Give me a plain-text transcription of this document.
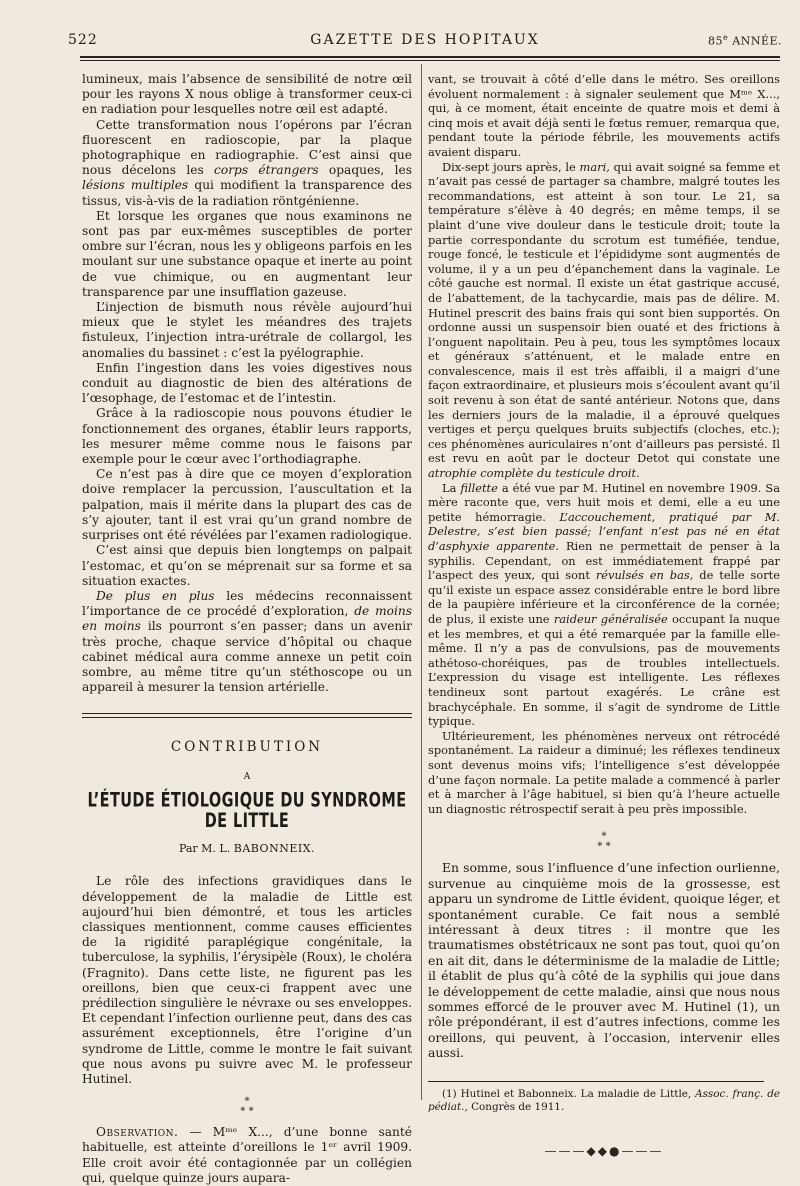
522	GAZETTE DES HOPITAUX	85e ANNÉE.

lumineux, mais l’absence de sensibilité de notre œil pour les rayons X nous oblige à transformer ceux-ci en radiation pour lesquelles notre œil est adapté.

Cette transformation nous l’opérons par l’écran fluorescent en radioscopie, par la plaque photographique en radiographie. C’est ainsi que nous décelons les corps étrangers opaques, les lésions multiples qui modifient la transparence des tissus, vis-à-vis de la radiation röntgénienne.

Et lorsque les organes que nous examinons ne sont pas par eux-mêmes susceptibles de porter ombre sur l’écran, nous les y obligeons parfois en les moulant sur une substance opaque et inerte au point de vue chimique, ou en augmentant leur transparence par une insufflation gazeuse.

L’injection de bismuth nous révèle aujourd’hui mieux que le stylet les méandres des trajets fistuleux, l’injection intra-urétrale de collargol, les anomalies du bassinet : c’est la pyélographie.

Enfin l’ingestion dans les voies digestives nous conduit au diagnostic de bien des altérations de l’œsophage, de l’estomac et de l’intestin.

Grâce à la radioscopie nous pouvons étudier le fonctionnement des organes, établir leurs rapports, les mesurer même comme nous le faisons par exemple pour le cœur avec l’orthodiagraphe.

Ce n’est pas à dire que ce moyen d’exploration doive remplacer la percussion, l’auscultation et la palpation, mais il mérite dans la plupart des cas de s’y ajouter, tant il est vrai qu’un grand nombre de surprises ont été révélées par l’examen radiologique.

C’est ainsi que depuis bien longtemps on palpait l’estomac, et qu’on se méprenait sur sa forme et sa situation exactes.

De plus en plus les médecins reconnaissent l’importance de ce procédé d’exploration, de moins en moins ils pourront s’en passer; dans un avenir très proche, chaque service d’hôpital ou chaque cabinet médical aura comme annexe un petit coin sombre, au même titre qu’un stéthoscope ou un appareil à mesurer la tension artérielle.

CONTRIBUTION
A
L’ÉTUDE ÉTIOLOGIQUE DU SYNDROME DE LITTLE
Par M. L. BABONNEIX.

Le rôle des infections gravidiques dans le développement de la maladie de Little est aujourd’hui bien démontré, et tous les articles classiques mentionnent, comme causes efficientes de la rigidité paraplégique congénitale, la tuberculose, la syphilis, l’érysipèle (Roux), le choléra (Fragnito). Dans cette liste, ne figurent pas les oreillons, bien que ceux-ci frappent avec une prédilection singulière le névraxe ou ses enveloppes. Et cependant l’infection ourlienne peut, dans des cas assurément exceptionnels, être l’origine d’un syndrome de Little, comme le montre le fait suivant que nous avons pu suivre avec M. le professeur Hutinel.

*
* *

Observation. — Mᵐᵉ X..., d’une bonne santé habituelle, est atteinte d’oreillons le 1ᵉʳ avril 1909. Elle croit avoir été contagionnée par un collégien qui, quelque quinze jours aupara-

vant, se trouvait à côté d’elle dans le métro. Ses oreillons évoluent normalement : à signaler seulement que Mᵐᵉ X..., qui, à ce moment, était enceinte de quatre mois et demi à cinq mois et avait déjà senti le fœtus remuer, remarqua que, pendant toute la période fébrile, les mouvements actifs avaient disparu.

Dix-sept jours après, le mari, qui avait soigné sa femme et n’avait pas cessé de partager sa chambre, malgré toutes les recommandations, est atteint à son tour. Le 21, sa température s’élève à 40 degrés; en même temps, il se plaint d’une vive douleur dans le testicule droit; toute la partie correspondante du scrotum est tuméfiée, tendue, rouge foncé, le testicule et l’épididyme sont augmentés de volume, il y a un peu d’épanchement dans la vaginale. Le côté gauche est normal. Il existe un état gastrique accusé, de l’abattement, de la tachycardie, mais pas de délire. M. Hutinel prescrit des bains frais qui sont bien supportés. On ordonne aussi un suspensoir bien ouaté et des frictions à l’onguent napolitain. Peu à peu, tous les symptômes locaux et généraux s’atténuent, et le malade entre en convalescence, mais il est très affaibli, il a maigri d’une façon extraordinaire, et plusieurs mois s’écoulent avant qu’il soit revenu à son état de santé antérieur. Notons que, dans les derniers jours de la maladie, il a éprouvé quelques vertiges et perçu quelques bruits subjectifs (cloches, etc.); ces phénomènes auriculaires n’ont d’ailleurs pas persisté. Il est revu en août par le docteur Detot qui constate une atrophie complète du testicule droit.

La fillette a été vue par M. Hutinel en novembre 1909. Sa mère raconte que, vers huit mois et demi, elle a eu une petite hémorragie. L’accouchement, pratiqué par M. Delestre, s’est bien passé; l’enfant n’est pas né en état d’asphyxie apparente. Rien ne permettait de penser à la syphilis. Cependant, on est immédiatement frappé par l’aspect des yeux, qui sont révulsés en bas, de telle sorte qu’il existe un espace assez considérable entre le bord libre de la paupière inférieure et la circonférence de la cornée; de plus, il existe une raideur généralisée occupant la nuque et les membres, et qui a été remarquée par la famille elle-même. Il n’y a pas de convulsions, pas de mouvements athétoso-choréiques, pas de troubles intellectuels. L’expression du visage est intelligente. Les réflexes tendineux sont partout exagérés. Le crâne est brachycéphale. En somme, il s’agit de syndrome de Little typique.

Ultérieurement, les phénomènes nerveux ont rétrocédé spontanément. La raideur a diminué; les réflexes tendineux sont devenus moins vifs; l’intelligence s’est développée d’une façon normale. La petite malade a commencé à parler et à marcher à l’âge habituel, si bien qu’à l’heure actuelle un diagnostic rétrospectif serait à peu près impossible.

*
* *

En somme, sous l’influence d’une infection ourlienne, survenue au cinquième mois de la grossesse, est apparu un syndrome de Little évident, quoique léger, et spontanément curable. Ce fait nous a semblé intéressant à deux titres : il montre que les traumatismes obstétricaux ne sont pas tout, quoi qu’on en ait dit, dans le déterminisme de la maladie de Little; il établit de plus qu’à côté de la syphilis qui joue dans le développement de cette maladie, ainsi que nous nous sommes efforcé de le prouver avec M. Hutinel (1), un rôle prépondérant, il est d’autres infections, comme les oreillons, qui peuvent, à l’occasion, intervenir elles aussi.

(1) Hutinel et Babonneix. La maladie de Little, Assoc. franç. de pédiat., Congrès de 1911.

———◆◆●———
